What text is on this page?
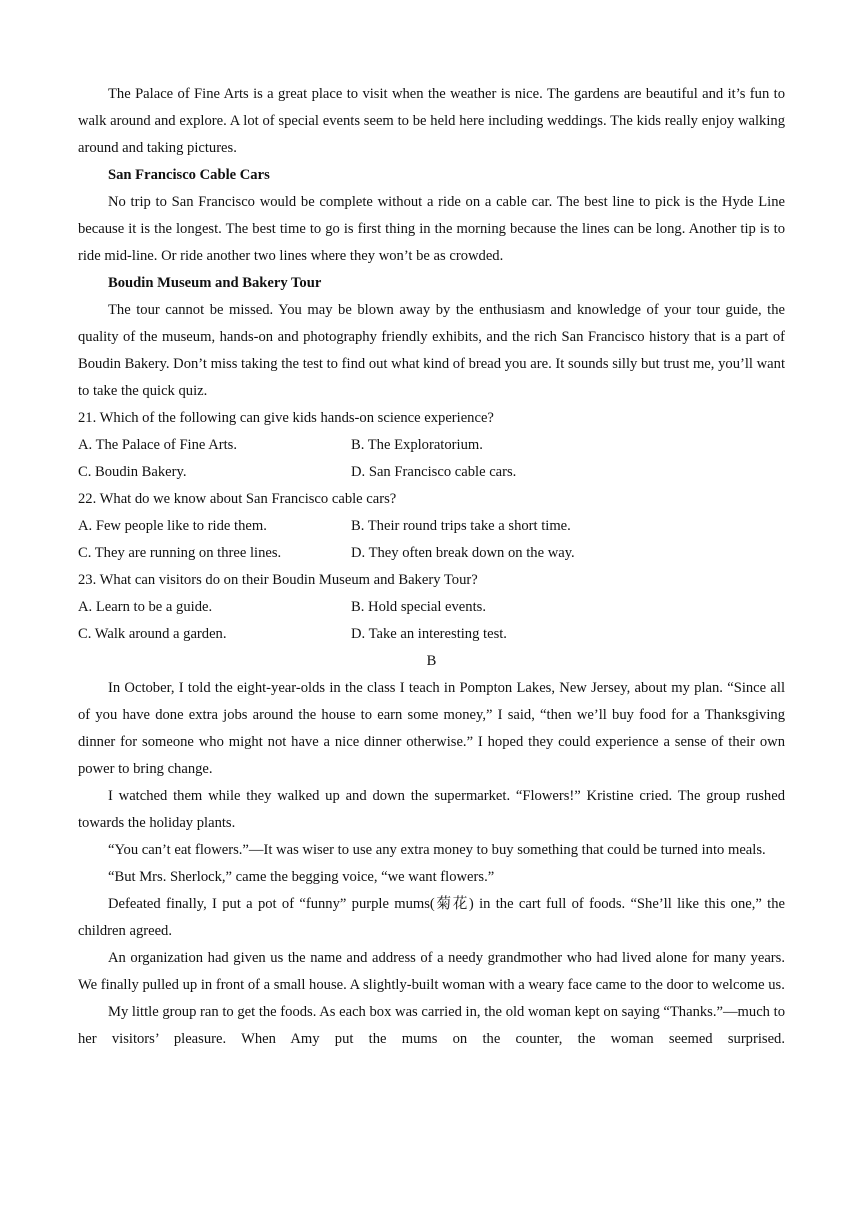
The Palace of Fine Arts is a great place to visit when the weather is nice. The gardens are beautiful and it’s fun to walk around and explore. A lot of special events seem to be held here including weddings. The kids really enjoy walking around and taking pictures.

San Francisco Cable Cars

No trip to San Francisco would be complete without a ride on a cable car. The best line to pick is the Hyde Line because it is the longest. The best time to go is first thing in the morning because the lines can be long. Another tip is to ride mid-line. Or ride another two lines where they won’t be as crowded.

Boudin Museum and Bakery Tour

The tour cannot be missed. You may be blown away by the enthusiasm and knowledge of your tour guide, the quality of the museum, hands-on and photography friendly exhibits, and the rich San Francisco history that is a part of Boudin Bakery. Don’t miss taking the test to find out what kind of bread you are. It sounds silly but trust me, you’ll want to take the quick quiz.

21. Which of the following can give kids hands-on science experience?

A. The Palace of Fine Arts.	B. The Exploratorium.
C. Boudin Bakery.	D. San Francisco cable cars.

22. What do we know about San Francisco cable cars?

A. Few people like to ride them.	B. Their round trips take a short time.
C. They are running on three lines.	D. They often break down on the way.

23. What can visitors do on their Boudin Museum and Bakery Tour?

A. Learn to be a guide.	B. Hold special events.
C. Walk around a garden.	D. Take an interesting test.

B

In October, I told the eight-year-olds in the class I teach in Pompton Lakes, New Jersey, about my plan. “Since all of you have done extra jobs around the house to earn some money,” I said, “then we’ll buy food for a Thanksgiving dinner for someone who might not have a nice dinner otherwise.” I hoped they could experience a sense of their own power to bring change.

I watched them while they walked up and down the supermarket. “Flowers!” Kristine cried. The group rushed towards the holiday plants.

“You can’t eat flowers.”—It was wiser to use any extra money to buy something that could be turned into meals.

“But Mrs. Sherlock,” came the begging voice, “we want flowers.”

Defeated finally, I put a pot of “funny” purple mums(菊花) in the cart full of foods. “She’ll like this one,” the children agreed.

An organization had given us the name and address of a needy grandmother who had lived alone for many years. We finally pulled up in front of a small house. A slightly-built woman with a weary face came to the door to welcome us.

My little group ran to get the foods. As each box was carried in, the old woman kept on saying “Thanks.”—much to her visitors’ pleasure. When Amy put the mums on the counter, the woman seemed surprised.
